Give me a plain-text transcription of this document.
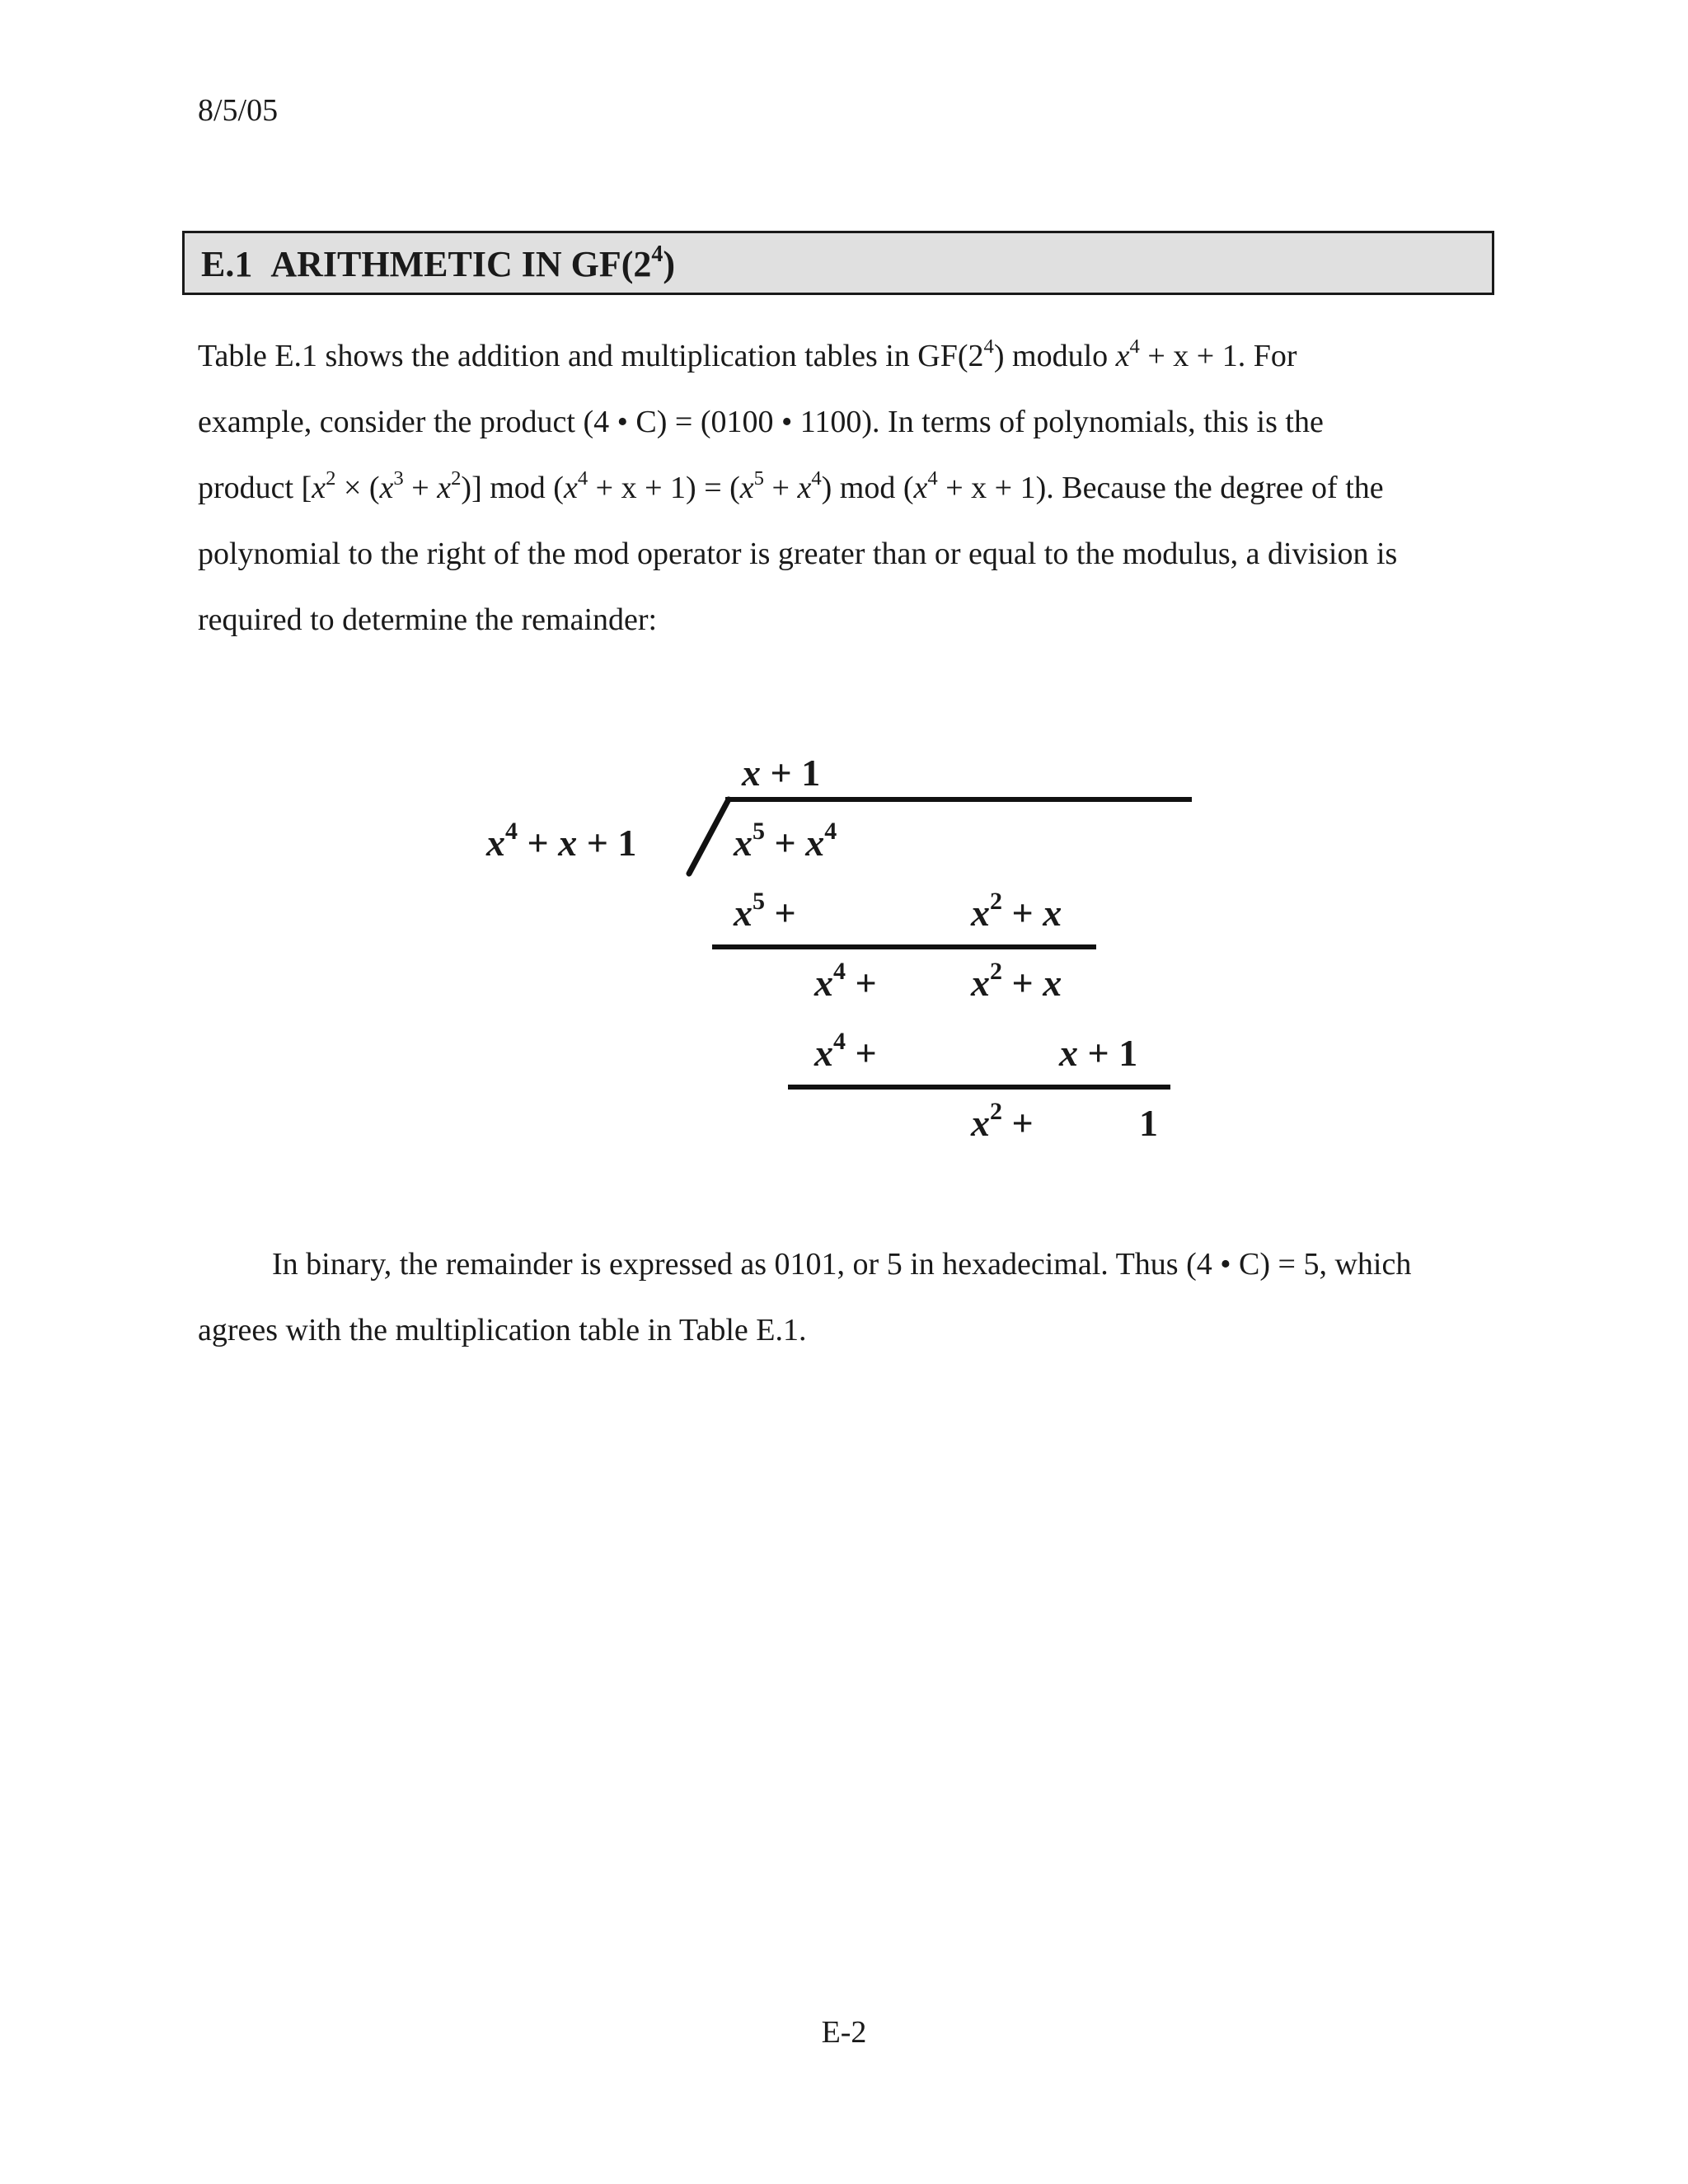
8/5/05
E.1 ARITHMETIC IN $GF(2^4)$
Table E.1 shows the addition and multiplication tables in $GF(2^4)$ modulo $x^4 + x + 1$. For
example, consider the product (4 • C) = (0100 • 1100). In terms of polynomials, this is the
product $[x^2 \times (x^3 + x^2)]$ mod $(x^4 + x + 1) = (x^5 + x^4)$ mod $(x^4 + x + 1)$. Because the degree of the
polynomial to the right of the mod operator is greater than or equal to the modulus, a division is
required to determine the remainder:
x + 1
$x^4 + x + 1$	$x^5 + x^4$
$x^5$ +	$x^2 + x$
$x^4 + x^2 + x$
$x^4$ +	x + 1
$x^2$ +	1
In binary, the remainder is expressed as 0101, or 5 in hexadecimal. Thus (4 • C) = 5, which
agrees with the multiplication table in Table E.1.
E-2
